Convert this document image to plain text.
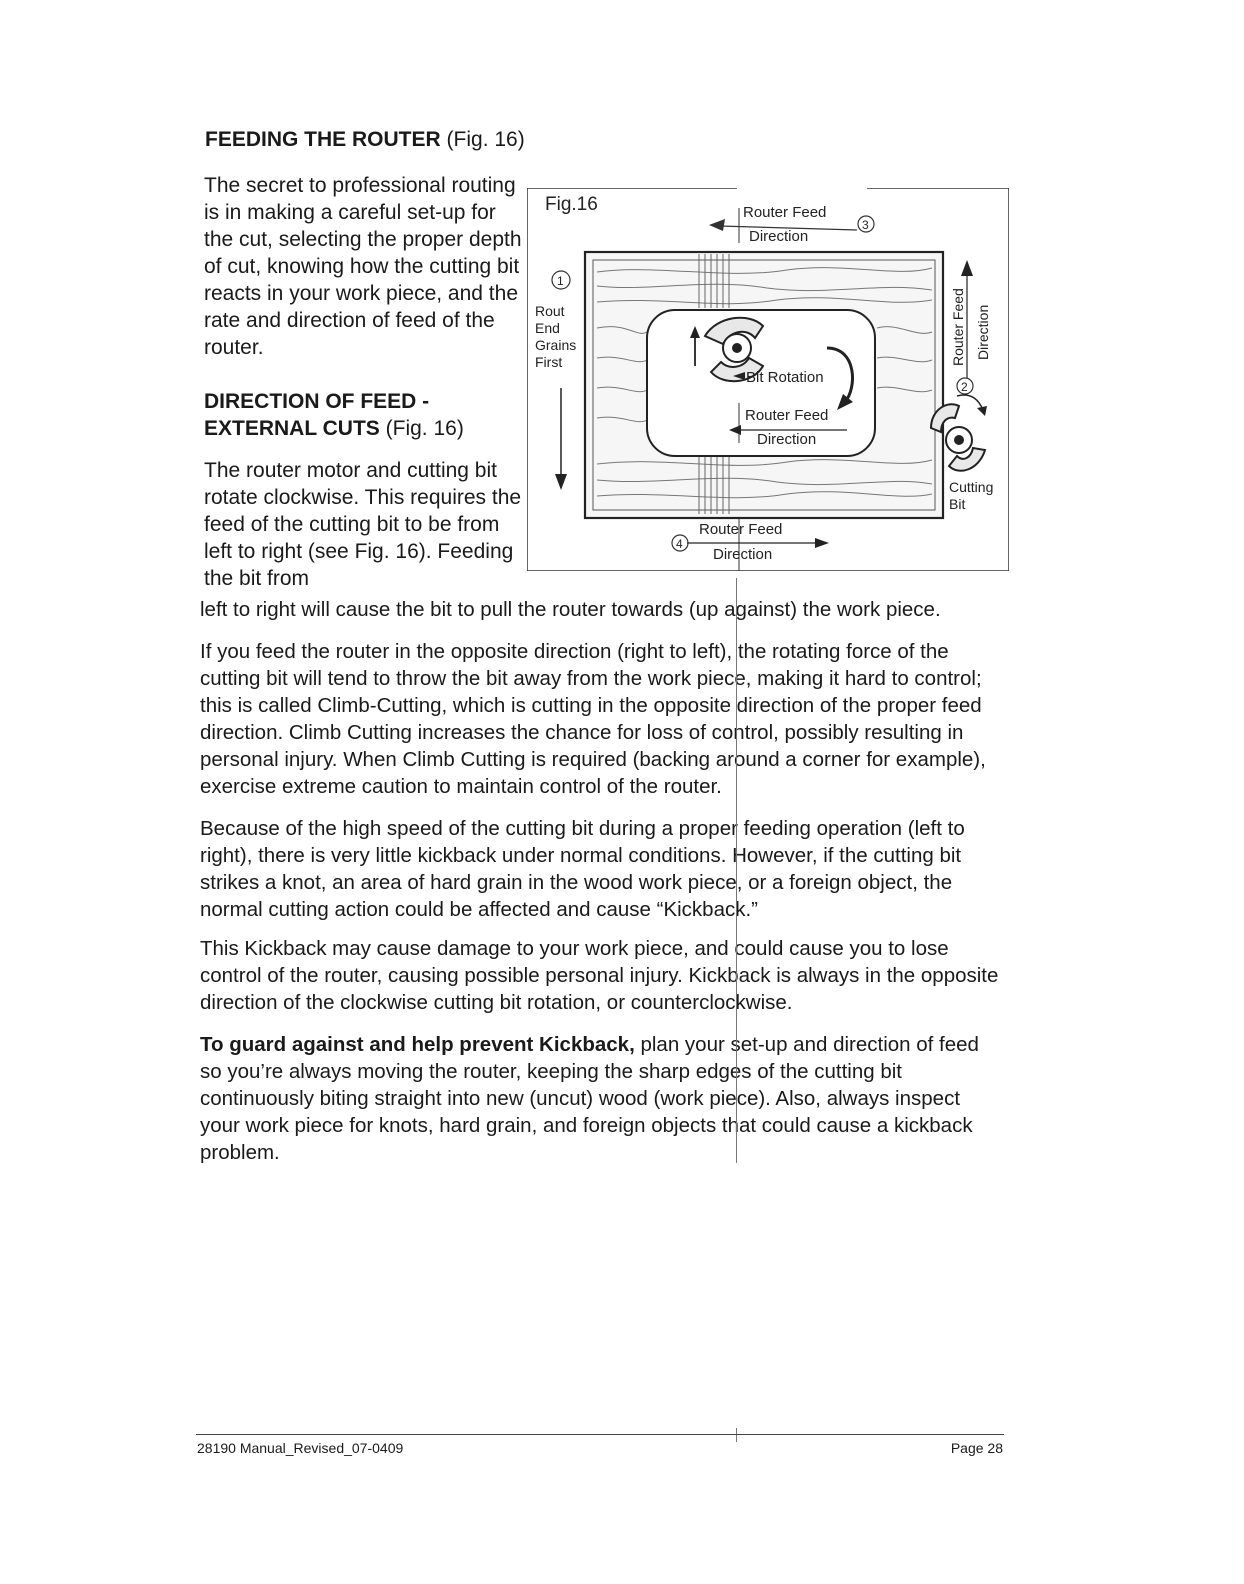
FEEDING THE ROUTER (Fig. 16)
The secret to professional routing is in making a careful set-up for the cut, selecting the proper depth of cut, knowing how the cutting bit reacts in your work piece, and the rate and direction of feed of the router.
DIRECTION OF FEED - EXTERNAL CUTS (Fig. 16)
The router motor and cutting bit rotate clockwise. This requires the feed of the cutting bit to be from left to right (see Fig. 16). Feeding the bit from
Fig.16	Router Feed
Direction
3
Bit Rotation
Router Feed
Direction
1
Rout
End
Grains
First	Router Feed Direction
2
Cutting
Bit
Router Feed
Direction
4
left to right will cause the bit to pull the router towards (up against) the work piece.
If you feed the router in the opposite direction (right to left), the rotating force of the cutting bit will tend to throw the bit away from the work piece, making it hard to control; this is called Climb-Cutting, which is cutting in the opposite direction of the proper feed direction. Climb Cutting increases the chance for loss of control, possibly resulting in personal injury. When Climb Cutting is required (backing around a corner for example), exercise extreme caution to maintain control of the router.
Because of the high speed of the cutting bit during a proper feeding operation (left to right), there is very little kickback under normal conditions. However, if the cutting bit strikes a knot, an area of hard grain in the wood work piece, or a foreign object, the normal cutting action could be affected and cause “Kickback.”
This Kickback may cause damage to your work piece, and could cause you to lose control of the router, causing possible personal injury. Kickback is always in the opposite direction of the clockwise cutting bit rotation, or counterclockwise.
To guard against and help prevent Kickback, plan your set-up and direction of feed so you’re always moving the router, keeping the sharp edges of the cutting bit continuously biting straight into new (uncut) wood (work piece). Also, always inspect your work piece for knots, hard grain, and foreign objects that could cause a kickback problem.
28190 Manual_Revised_07-0409	Page 28
